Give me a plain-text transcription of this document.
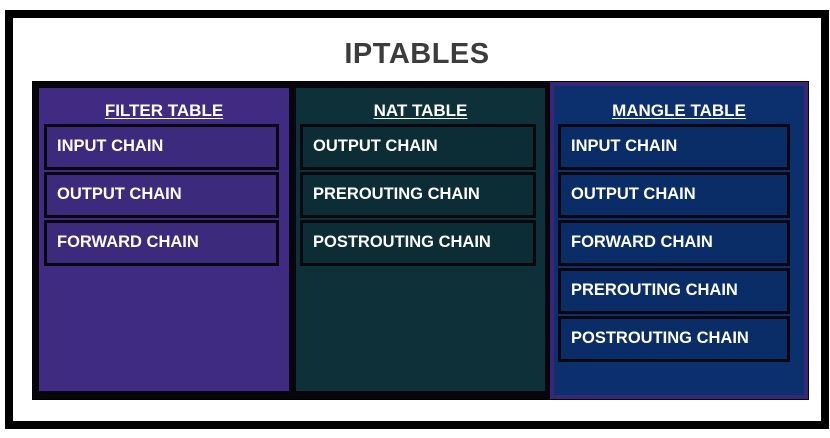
IPTABLES
FILTER TABLE
INPUT CHAIN
OUTPUT CHAIN
FORWARD CHAIN
NAT TABLE
OUTPUT CHAIN
PREROUTING CHAIN
POSTROUTING CHAIN
MANGLE TABLE
INPUT CHAIN
OUTPUT CHAIN
FORWARD CHAIN
PREROUTING CHAIN
POSTROUTING CHAIN
